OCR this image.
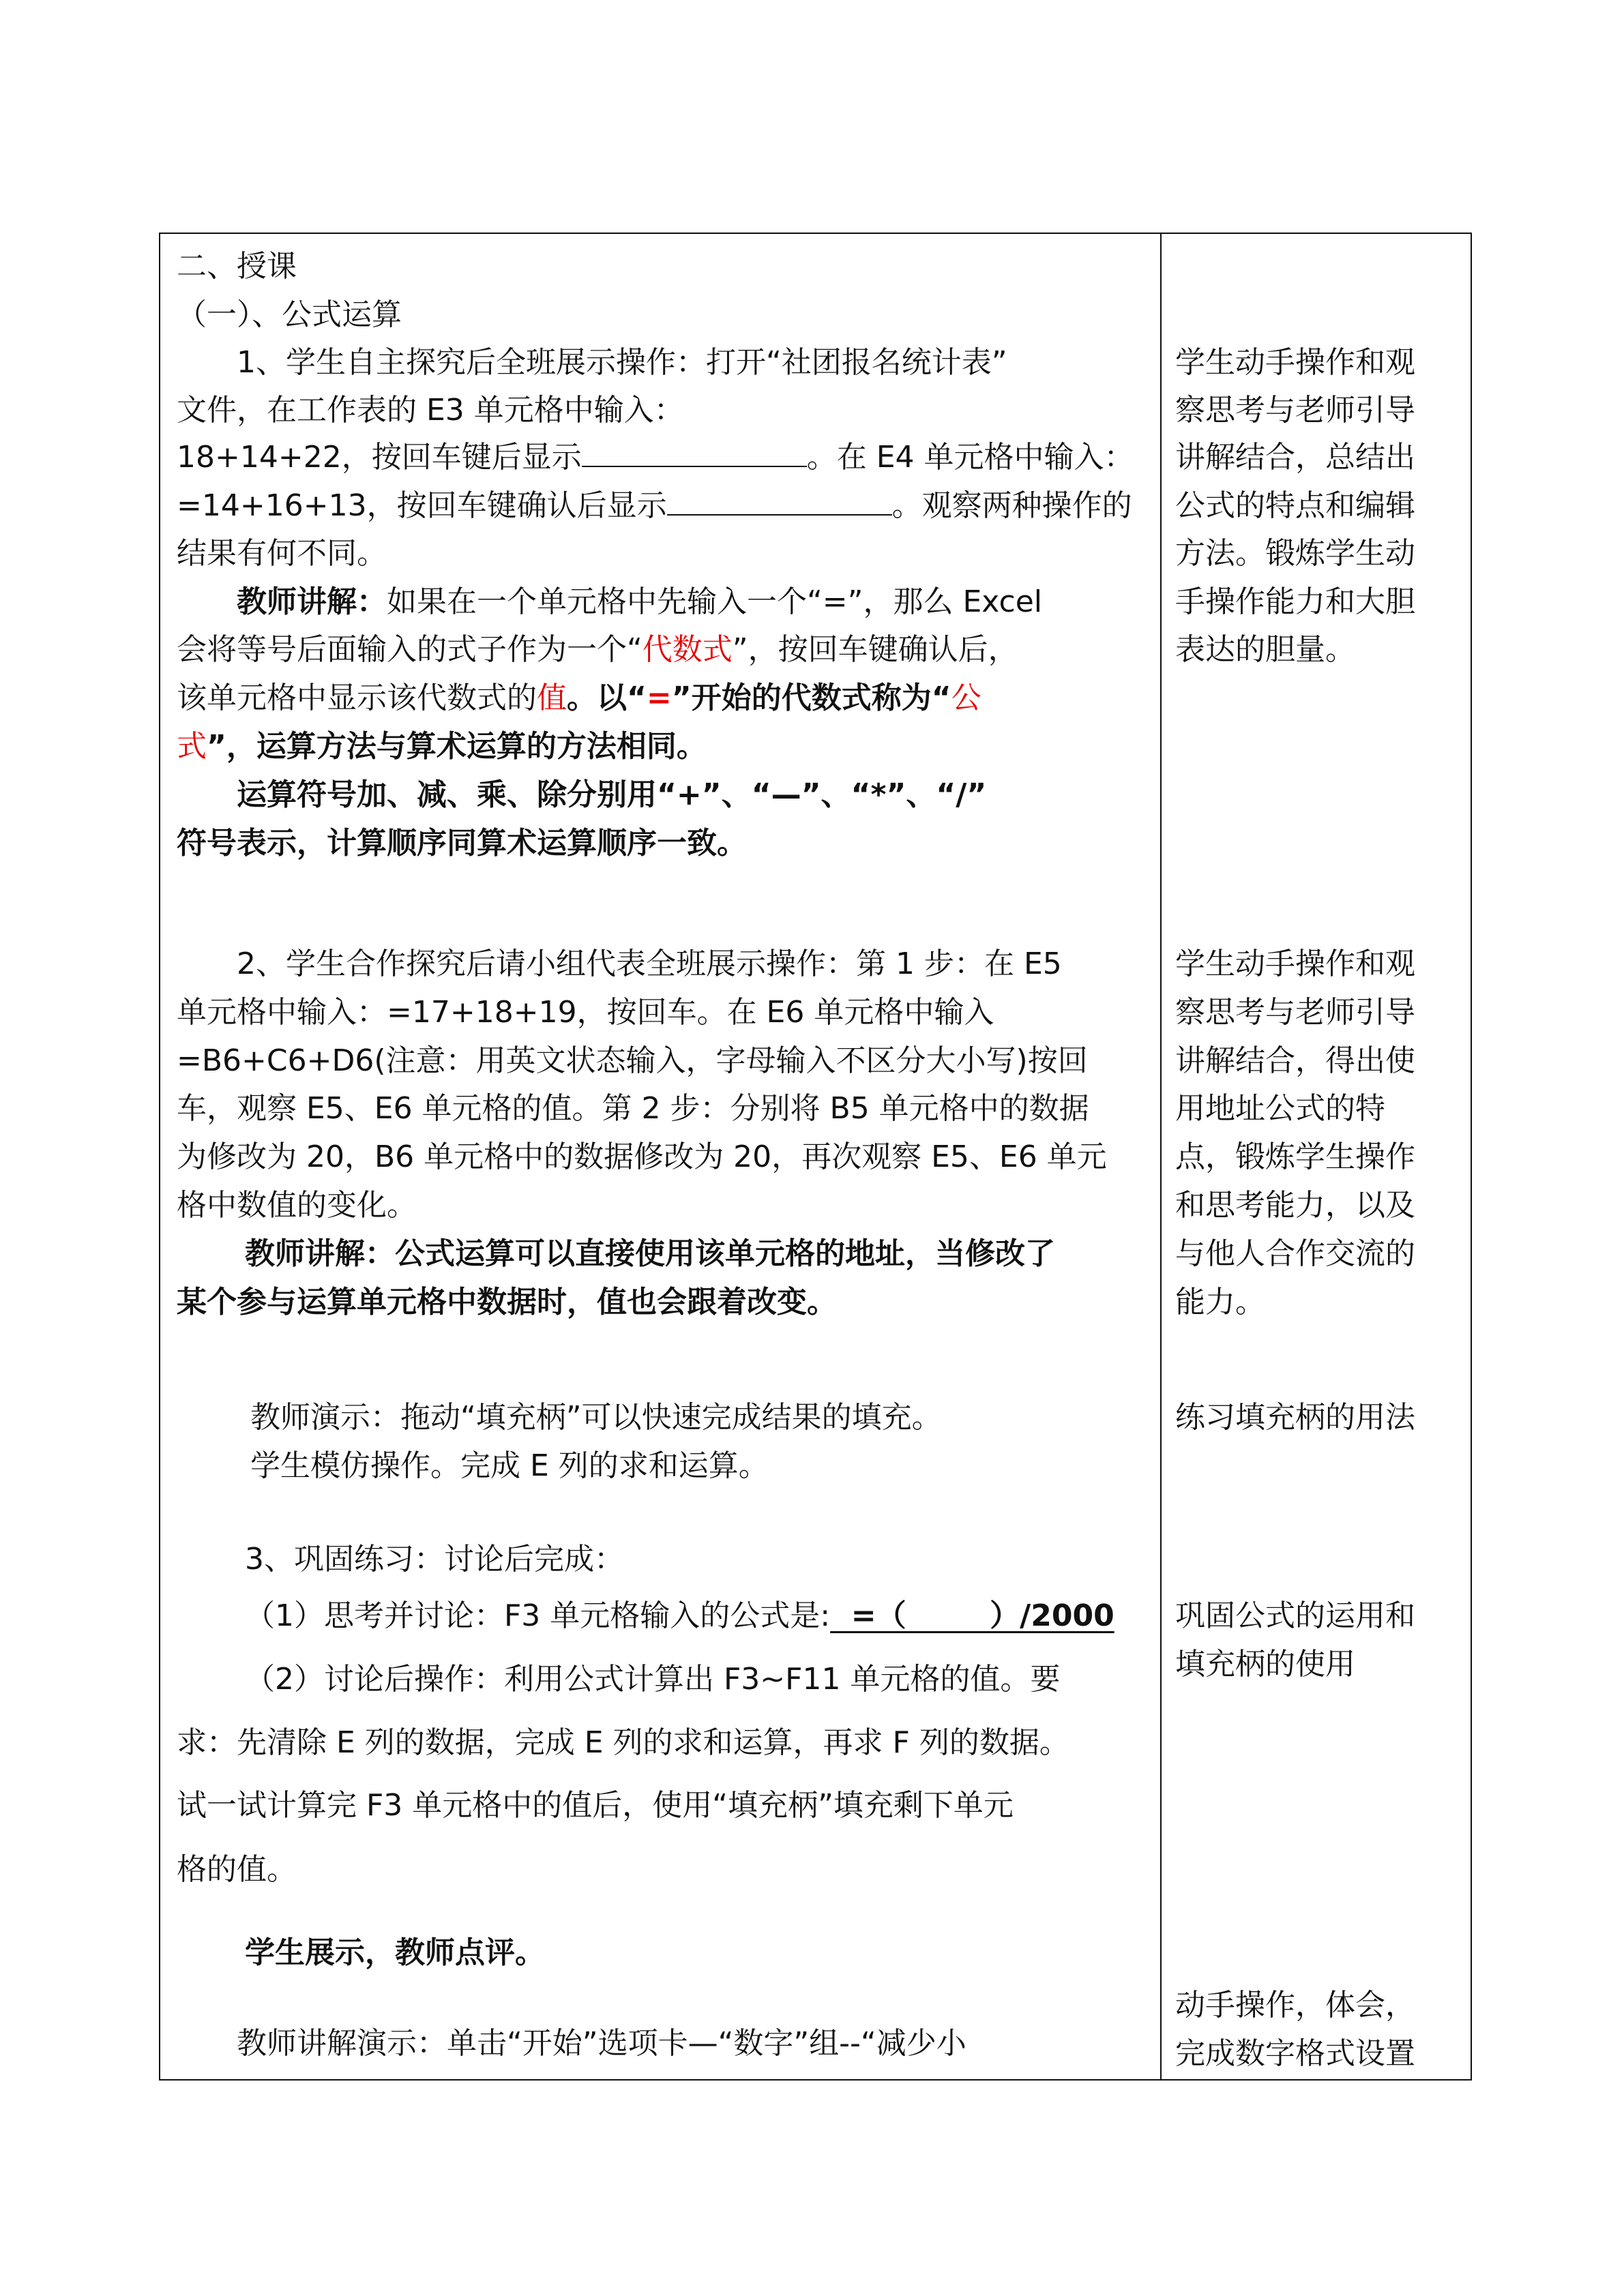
二、授课
（一）、公式运算
1、学生自主探究后全班展示操作：打开“社团报名统计表”
文件，在工作表的 E3 单元格中输入：
18+14+22，按回车键后显示	。在 E4 单元格中输入：
=14+16+13，按回车键确认后显示	。观察两种操作的
结果有何不同。
教师讲解：如果在一个单元格中先输入一个“=”，那么 Excel
会将等号后面输入的式子作为一个“代数式”，按回车键确认后，
该单元格中显示该代数式的值。以“=”开始的代数式称为“公
式”，运算方法与算术运算的方法相同。
运算符号加、减、乘、除分别用“+”、“—”、“*”、“/”
符号表示，计算顺序同算术运算顺序一致。
2、学生合作探究后请小组代表全班展示操作：第 1 步：在 E5
单元格中输入：=17+18+19，按回车。在 E6 单元格中输入
=B6+C6+D6(注意：用英文状态输入，字母输入不区分大小写)按回
车，观察 E5、E6 单元格的值。第 2 步：分别将 B5 单元格中的数据
为修改为 20，B6 单元格中的数据修改为 20，再次观察 E5、E6 单元
格中数值的变化。
教师讲解：公式运算可以直接使用该单元格的地址，当修改了
某个参与运算单元格中数据时，值也会跟着改变。
教师演示：拖动“填充柄”可以快速完成结果的填充。
学生模仿操作。完成 E 列的求和运算。
3、巩固练习：讨论后完成：
（1）思考并讨论：F3 单元格输入的公式是:  =（        ）/2000
（2）讨论后操作：利用公式计算出 F3~F11 单元格的值。要
求：先清除 E 列的数据，完成 E 列的求和运算，再求 F 列的数据。
试一试计算完 F3 单元格中的值后，使用“填充柄”填充剩下单元
格的值。
学生展示，教师点评。
教师讲解演示：单击“开始”选项卡—“数字”组--“减少小
学生动手操作和观
察思考与老师引导
讲解结合，总结出
公式的特点和编辑
方法。锻炼学生动
手操作能力和大胆
表达的胆量。
学生动手操作和观
察思考与老师引导
讲解结合，得出使
用地址公式的特
点，锻炼学生操作
和思考能力，以及
与他人合作交流的
能力。
练习填充柄的用法
巩固公式的运用和
填充柄的使用
动手操作，体会，
完成数字格式设置
